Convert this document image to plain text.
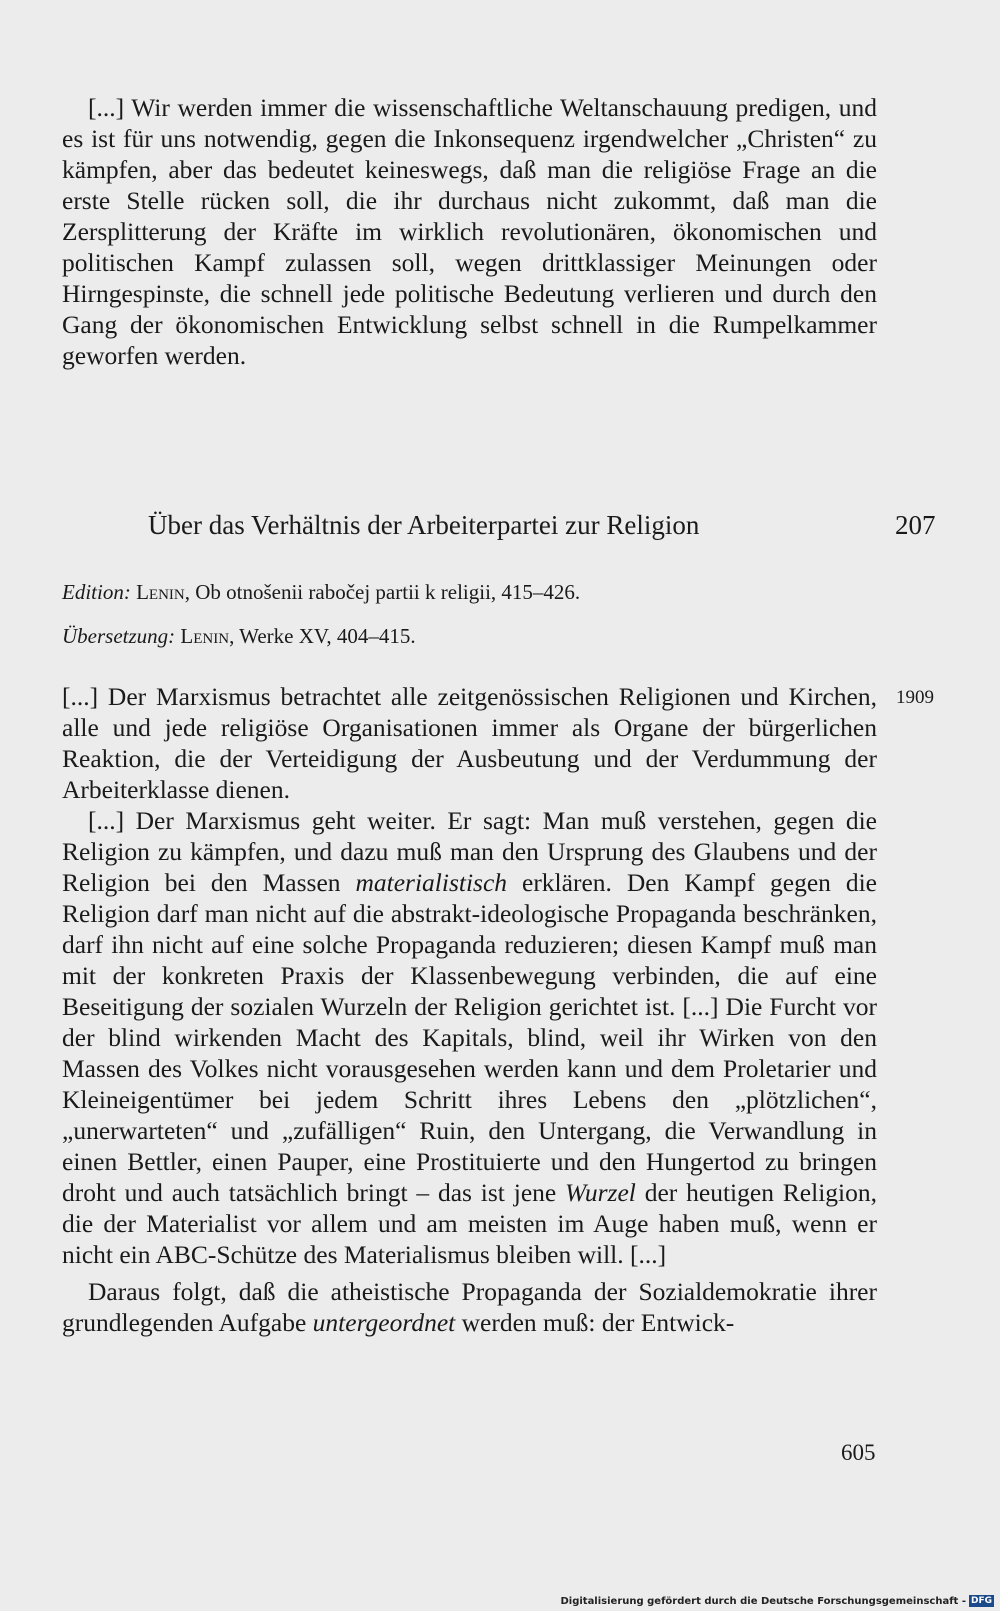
[...] Wir werden immer die wissenschaftliche Weltanschauung predigen, und es ist für uns notwendig, gegen die Inkonsequenz irgendwelcher „Christen“ zu kämpfen, aber das bedeutet keineswegs, daß man die religiöse Frage an die erste Stelle rücken soll, die ihr durchaus nicht zukommt, daß man die Zersplitterung der Kräfte im wirklich revolutionären, ökonomischen und politischen Kampf zulassen soll, wegen drittklassiger Meinungen oder Hirngespinste, die schnell jede politische Bedeutung verlieren und durch den Gang der ökonomischen Entwicklung selbst schnell in die Rumpelkammer geworfen werden.
Über das Verhältnis der Arbeiterpartei zur Religion	207
Edition: Lenin, Ob otnošenii rabočej partii k religii, 415–426.
Übersetzung: Lenin, Werke XV, 404–415.
1909

[...] Der Marxismus betrachtet alle zeitgenössischen Religionen und Kirchen, alle und jede religiöse Organisationen immer als Organe der bürgerlichen Reaktion, die der Verteidigung der Ausbeutung und der Verdummung der Arbeiterklasse dienen.

[...] Der Marxismus geht weiter. Er sagt: Man muß verstehen, gegen die Religion zu kämpfen, und dazu muß man den Ursprung des Glaubens und der Religion bei den Massen materialistisch erklären. Den Kampf gegen die Religion darf man nicht auf die abstrakt-ideologische Propaganda beschränken, darf ihn nicht auf eine solche Propaganda reduzieren; diesen Kampf muß man mit der konkreten Praxis der Klassenbewegung verbinden, die auf eine Beseitigung der sozialen Wurzeln der Religion gerichtet ist. [...] Die Furcht vor der blind wirkenden Macht des Kapitals, blind, weil ihr Wirken von den Massen des Volkes nicht vorausgesehen werden kann und dem Proletarier und Kleineigentümer bei jedem Schritt ihres Lebens den „plötzlichen“, „unerwarteten“ und „zufälligen“ Ruin, den Untergang, die Verwandlung in einen Bettler, einen Pauper, eine Prostituierte und den Hungertod zu bringen droht und auch tatsächlich bringt – das ist jene Wurzel der heutigen Religion, die der Materialist vor allem und am meisten im Auge haben muß, wenn er nicht ein ABC-Schütze des Materialismus bleiben will. [...]

Daraus folgt, daß die atheistische Propaganda der Sozialdemokratie ihrer grundlegenden Aufgabe untergeordnet werden muß: der Entwick-

605
Digitalisierung gefördert durch die Deutsche Forschungsgemeinschaft - DFG
